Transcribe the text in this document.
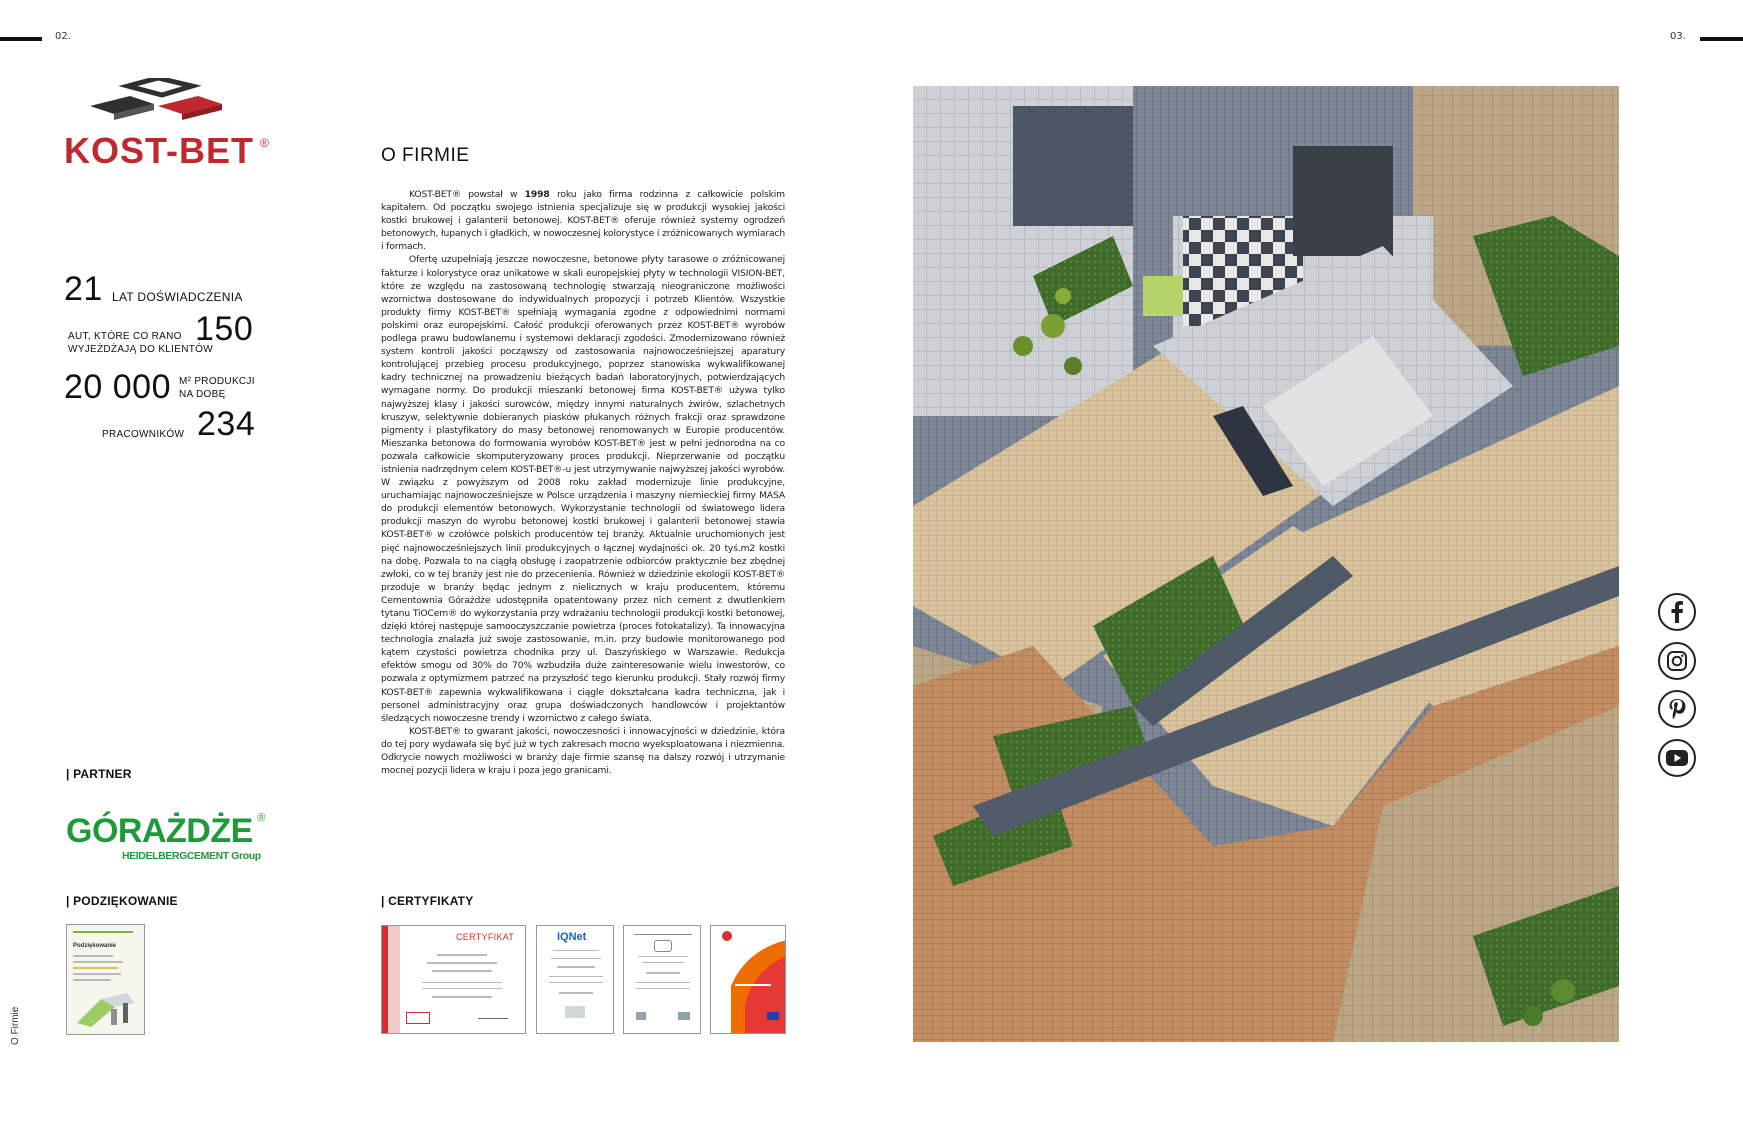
02.	03.
KOST-BET ®
21 LAT DOŚWIADCZENIA
AUT, KTÓRE CO RANO
WYJEŻDŻAJĄ DO KLIENTÓW
150
20 000 M² PRODUKCJI
NA DOBĘ
PRACOWNIKÓW 234
| PARTNER
GÓRAŻDŻE ®
HEIDELBERGCEMENT Group
| PODZIĘKOWANIE
Podziękowanie
O FIRMIE

KOST-BET® powstał w 1998 roku jako firma rodzinna z całkowicie polskim kapitałem. Od początku swojego istnienia specjalizuje się w produkcji wysokiej jakości kostki brukowej i galanterii betonowej. KOST-BET® oferuje również systemy ogrodzeń betonowych, łupanych i gładkich, w nowoczesnej kolorystyce i zróżnicowanych wymiarach i formach.

Ofertę uzupełniają jeszcze nowoczesne, betonowe płyty tarasowe o zróżnicowanej fakturze i kolorystyce oraz unikatowe w skali europejskiej płyty w technologii VISION-BET, które ze względu na zastosowaną technologię stwarzają nieograniczone możliwości wzornictwa dostosowane do indywidualnych propozycji i potrzeb Klientów. Wszystkie produkty firmy KOST-BET® spełniają wymagania zgodne z odpowiednimi normami polskimi oraz europejskimi. Całość produkcji oferowanych przez KOST-BET® wyrobów podlega prawu budowlanemu i systemowi deklaracji zgodości. Zmodernizowano również system kontroli jakości począwszy od zastosowania najnowocześniejszej aparatury kontrolującej przebieg procesu produkcyjnego, poprzez stanowiska wykwalifikowanej kadry technicznej na prowadzeniu bieżących badań laboratoryjnych, potwierdzających wymagane normy. Do produkcji mieszanki betonowej firma KOST-BET® używa tylko najwyższej klasy i jakości surowców, między innymi naturalnych żwirów, szlachetnych kruszyw, selektywnie dobieranych piasków płukanych różnych frakcji oraz sprawdzone pigmenty i plastyfikatory do masy betonowej renomowanych w Europie producentów. Mieszanka betonowa do formowania wyrobów KOST-BET® jest w pełni jednorodna na co pozwala całkowicie skomputeryzowany proces produkcji. Nieprzerwanie od początku istnienia nadrzędnym celem KOST-BET®-u jest utrzymywanie najwyższej jakości wyrobów. W związku z powyższym od 2008 roku zakład modernizuje linie produkcyjne, uruchamiając najnowocześniejsze w Polsce urządzenia i maszyny niemieckiej firmy MASA do produkcji elementów betonowych. Wykorzystanie technologii od światowego lidera produkcji maszyn do wyrobu betonowej kostki brukowej i galanterii betonowej stawia KOST-BET® w czołówce polskich producentów tej branży. Aktualnie uruchomionych jest pięć najnowocześniejszych linii produkcyjnych o łącznej wydajności ok. 20 tyś.m2 kostki na dobę. Pozwala to na ciągłą obsługę i zaopatrzenie odbiorców praktycznie bez zbędnej zwłoki, co w tej branży jest nie do przecenienia. Również w dziedzinie ekologii KOST-BET® przoduje w branży będąc jednym z nielicznych w kraju producentem, któremu Cementownia Górażdże udostępniła opatentowany przez nich cement z dwutlenkiem tytanu TiOCem® do wykorzystania przy wdrażaniu technologii produkcji kostki betonowej, dzięki której następuje samooczyszczanie powietrza (proces fotokatalizy). Ta innowacyjna technologia znalazła już swoje zastosowanie, m.in. przy budowie monitorowanego pod kątem czystości powietrza chodnika przy ul. Daszyńskiego w Warszawie. Redukcja efektów smogu od 30% do 70% wzbudziła duże zainteresowanie wielu inwestorów, co pozwala z optymizmem patrzeć na przyszłość tego kierunku produkcji. Stały rozwój firmy KOST-BET® zapewnia wykwalifikowana i ciągle dokształcana kadra techniczna, jak i personel administracyjny oraz grupa doświadczonych handlowców i projektantów śledzących nowoczesne trendy i wzornictwo z całego świata.

KOST-BET® to gwarant jakości, nowoczesności i innowacyjności w dziedzinie, która do tej pory wydawała się być już w tych zakresach mocno wyeksploatowana i niezmienna. Odkrycie nowych możliwości w branży daje firmie szansę na dalszy rozwój i utrzymanie mocnej pozycji lidera w kraju i poza jego granicami.

| CERTYFIKATY
CERTYFIKAT	IQNet
O Firmie
